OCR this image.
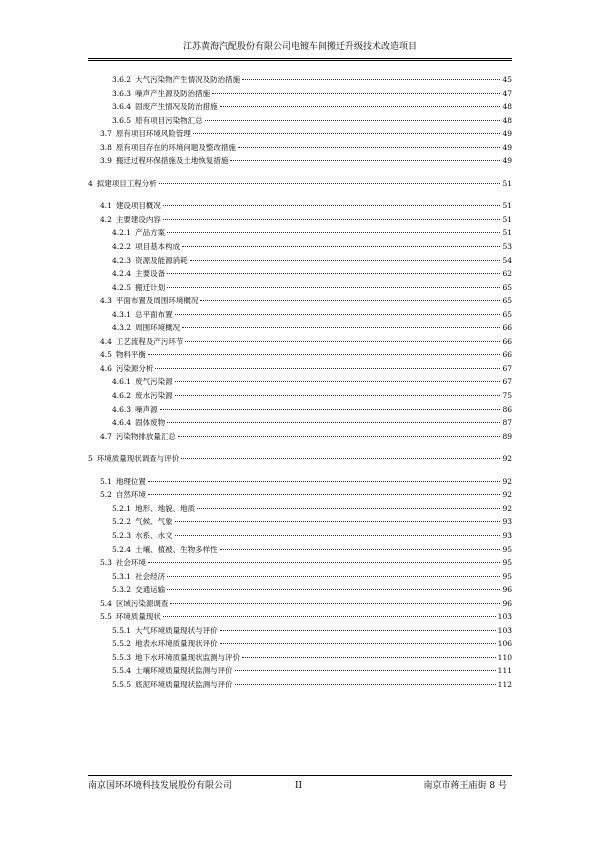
江苏黄海汽配股份有限公司电镀车间搬迁升级技术改造项目
3.6.2 大气污染物产生情况及防治措施	45
3.6.3 噪声产生源及防治措施	47
3.6.4 固废产生情况及防治措施	48
3.6.5 原有项目污染物汇总	48
3.7 原有项目环境风险管理	49
3.8 原有项目存在的环境问题及整改措施	49
3.9 搬迁过程环保措施及土地恢复措施	49
4 拟建项目工程分析	51
4.1 建设项目概况	51
4.2 主要建设内容	51
4.2.1 产品方案	51
4.2.2 项目基本构成	53
4.2.3 资源及能源消耗	54
4.2.4 主要设备	62
4.2.5 搬迁计划	65
4.3 平面布置及周围环境概况	65
4.3.1 总平面布置	65
4.3.2 周围环境概况	66
4.4 工艺流程及产污环节	66
4.5 物料平衡	66
4.6 污染源分析	67
4.6.1 废气污染源	67
4.6.2 废水污染源	75
4.6.3 噪声源	86
4.6.4 固体废物	87
4.7 污染物排放量汇总	89
5 环境质量现状调查与评价	92
5.1 地理位置	92
5.2 自然环境	92
5.2.1 地形、地貌、地质	92
5.2.2 气候、气象	93
5.2.3 水系、水文	93
5.2.4 土壤、植被、生物多样性	95
5.3 社会环境	95
5.3.1 社会经济	95
5.3.2 交通运输	96
5.4 区域污染源调查	96
5.5 环境质量现状	103
5.5.1 大气环境质量现状与评价	103
5.5.2 地表水环境质量现状评价	106
5.5.3 地下水环境质量现状监测与评价	110
5.5.4 土壤环境质量现状监测与评价	111
5.5.5 底泥环境质量现状监测与评价	112
南京国环环境科技发展股份有限公司	II	南京市蒋王庙街 8 号
